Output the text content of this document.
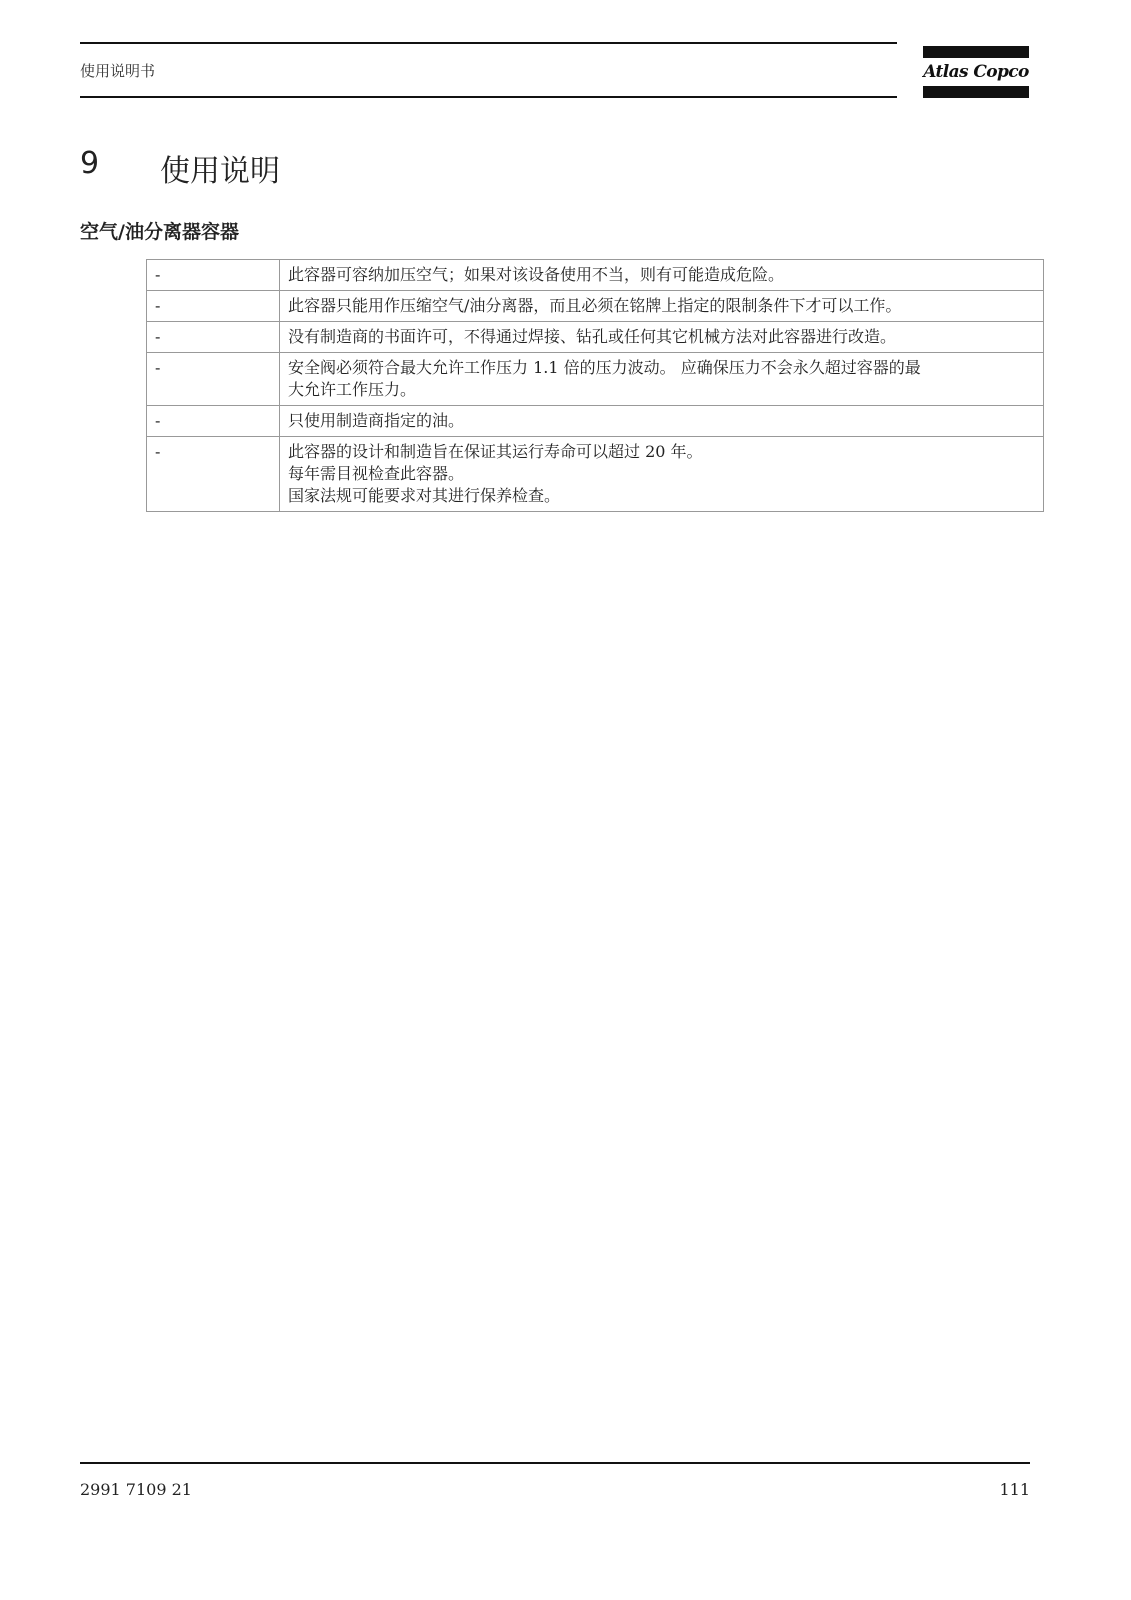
使用说明书	Atlas Copco
9 使用说明
空气/油分离器容器
-	此容器可容纳加压空气；如果对该设备使用不当，则有可能造成危险。

-	此容器只能用作压缩空气/油分离器，而且必须在铭牌上指定的限制条件下才可以工作。

-	没有制造商的书面许可，不得通过焊接、钻孔或任何其它机械方法对此容器进行改造。

-	安全阀必须符合最大允许工作压力 1.1 倍的压力波动。 应确保压力不会永久超过容器的最
大允许工作压力。

-	只使用制造商指定的油。

-	此容器的设计和制造旨在保证其运行寿命可以超过 20 年。
每年需目视检查此容器。
国家法规可能要求对其进行保养检查。
2991 7109 21	111
